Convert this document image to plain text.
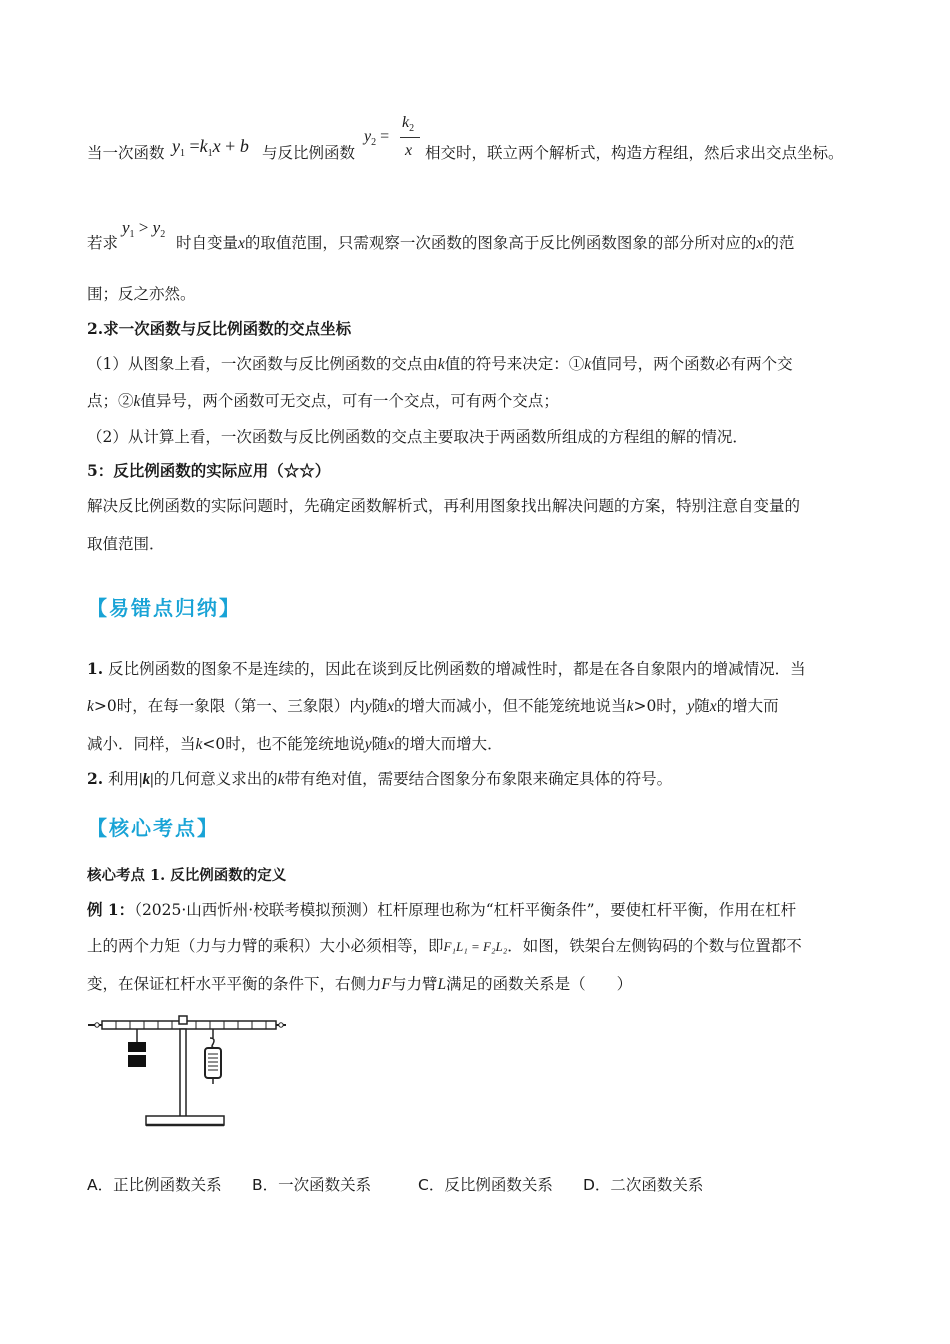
当一次函数 $y_1 =k_1x + b$ 与反比例函数
$y_2$ =
$k_2$
x 相交时，联立两个解析式，构造方程组，然后求出交点坐标。
若求
$y_1 > y_2$ 时自变量x的取值范围，只需观察一次函数的图象高于反比例函数图象的部分所对应的x的范
围；反之亦然。
2.求一次函数与反比例函数的交点坐标
（1）从图象上看，一次函数与反比例函数的交点由k值的符号来决定：①k值同号，两个函数必有两个交
点；②k值异号，两个函数可无交点，可有一个交点，可有两个交点；
（2）从计算上看，一次函数与反比例函数的交点主要取决于两函数所组成的方程组的解的情况．
5：反比例函数的实际应用（☆☆）
解决反比例函数的实际问题时，先确定函数解析式，再利用图象找出解决问题的方案，特别注意自变量的
取值范围．
【易错点归纳】
1. 反比例函数的图象不是连续的，因此在谈到反比例函数的增减性时，都是在各自象限内的增减情况．当
k>0时，在每一象限（第一、三象限）内y随x的增大而减小，但不能笼统地说当k>0时，y随x的增大而
减小．同样，当k<0时，也不能笼统地说y随x的增大而增大．
2. 利用|k|的几何意义求出的k带有绝对值，需要结合图象分布象限来确定具体的符号。
【核心考点】
核心考点 1. 反比例函数的定义
例 1：（2025·山西忻州·校联考模拟预测）杠杆原理也称为“杠杆平衡条件”，要使杠杆平衡，作用在杠杆
上的两个力矩（力与力臂的乘积）大小必须相等，即F₁L₁ = F₂L₂．如图，铁架台左侧钩码的个数与位置都不
变，在保证杠杆水平平衡的条件下，右侧力F与力臂L满足的函数关系是（　　）
A．正比例函数关系 B．一次函数关系	C．反比例函数关系 D．二次函数关系
